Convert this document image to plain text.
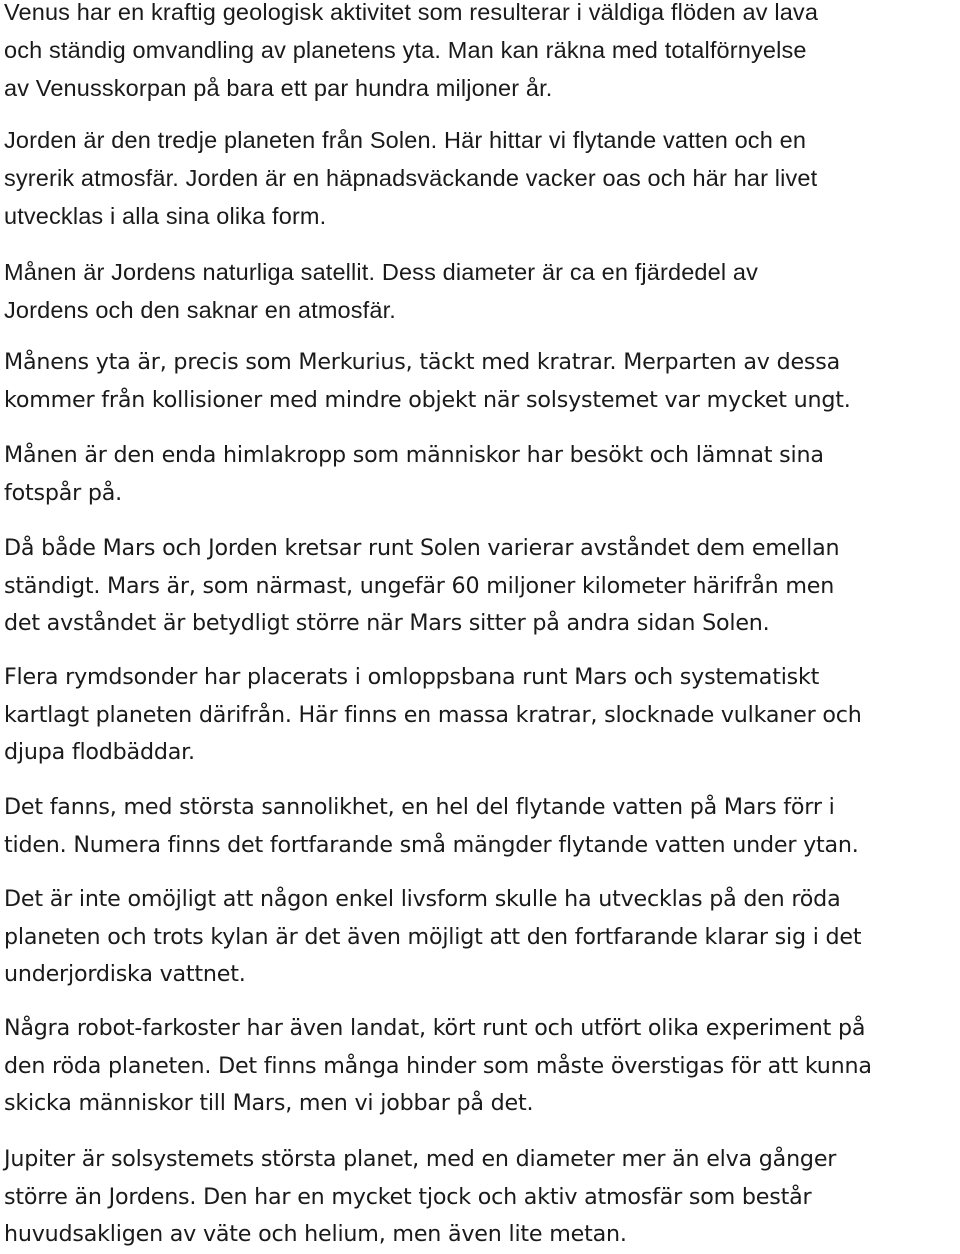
Venus har en kraftig geologisk aktivitet som resulterar i väldiga flöden av lava
och ständig omvandling av planetens yta. Man kan räkna med totalförnyelse
av Venusskorpan på bara ett par hundra miljoner år.
Jorden är den tredje planeten från Solen. Här hittar vi flytande vatten och en
syrerik atmosfär. Jorden är en häpnadsväckande vacker oas och här har livet
utvecklas i alla sina olika form.
Månen är Jordens naturliga satellit. Dess diameter är ca en fjärdedel av
Jordens och den saknar en atmosfär.
Månens yta är, precis som Merkurius, täckt med kratrar. Merparten av dessa
kommer från kollisioner med mindre objekt när solsystemet var mycket ungt.
Månen är den enda himlakropp som människor har besökt och lämnat sina
fotspår på.
Då både Mars och Jorden kretsar runt Solen varierar avståndet dem emellan
ständigt. Mars är, som närmast, ungefär 60 miljoner kilometer härifrån men
det avståndet är betydligt större när Mars sitter på andra sidan Solen.
Flera rymdsonder har placerats i omloppsbana runt Mars och systematiskt
kartlagt planeten därifrån. Här finns en massa kratrar, slocknade vulkaner och
djupa flodbäddar.
Det fanns, med största sannolikhet, en hel del flytande vatten på Mars förr i
tiden. Numera finns det fortfarande små mängder flytande vatten under ytan.
Det är inte omöjligt att någon enkel livsform skulle ha utvecklas på den röda
planeten och trots kylan är det även möjligt att den fortfarande klarar sig i det
underjordiska vattnet.
Några robot-farkoster har även landat, kört runt och utfört olika experiment på
den röda planeten. Det finns många hinder som måste överstigas för att kunna
skicka människor till Mars, men vi jobbar på det.
Jupiter är solsystemets största planet, med en diameter mer än elva gånger
större än Jordens. Den har en mycket tjock och aktiv atmosfär som består
huvudsakligen av väte och helium, men även lite metan.
